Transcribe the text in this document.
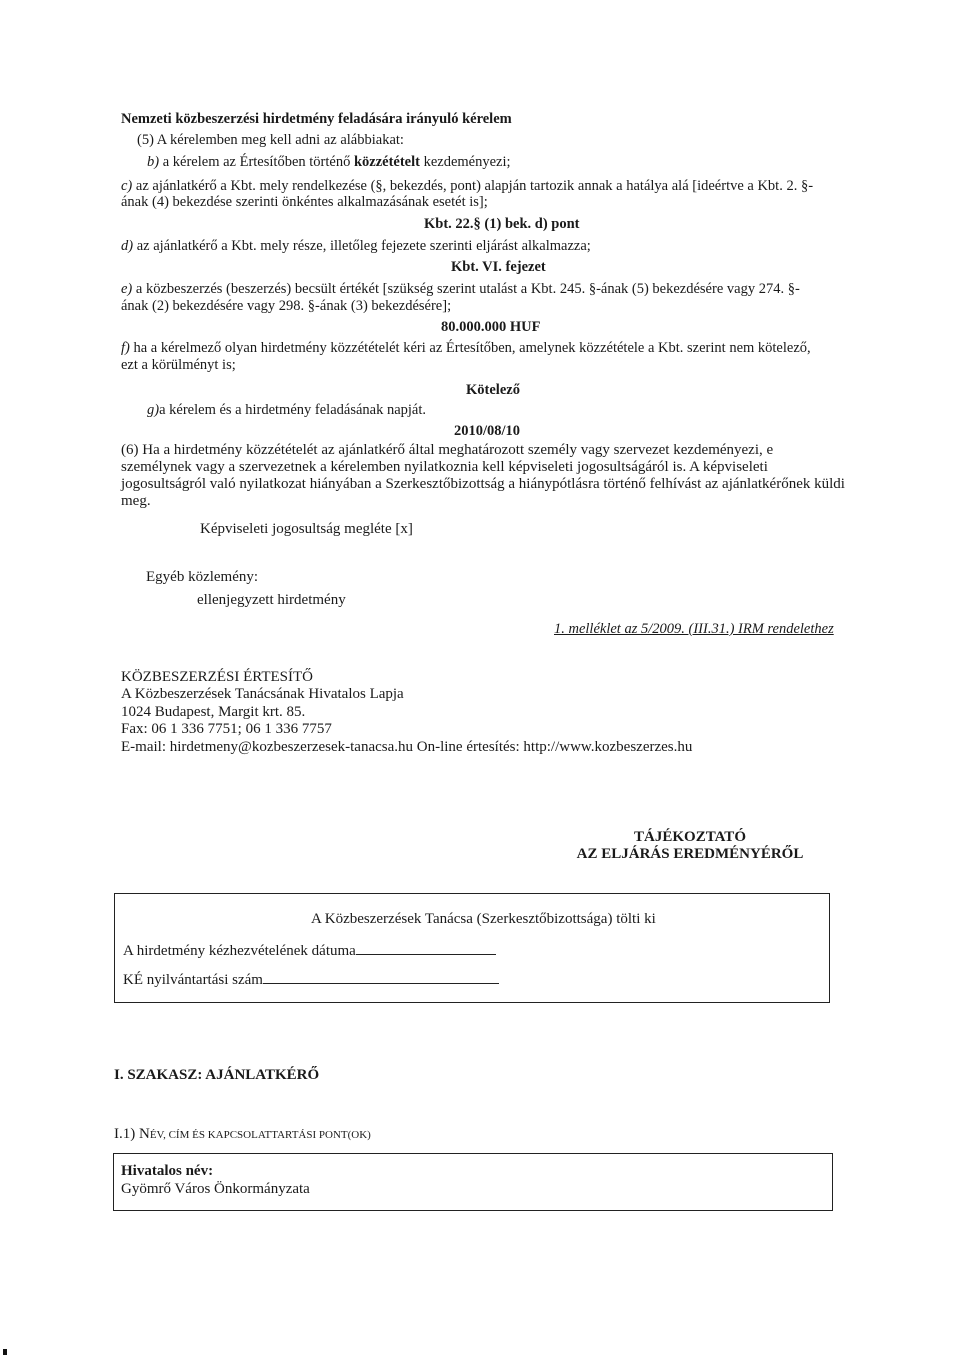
Nemzeti közbeszerzési hirdetmény feladására irányuló kérelem
(5) A kérelemben meg kell adni az alábbiakat:
b) a kérelem az Értesítőben történő közzétételt kezdeményezi;
c) az ajánlatkérő a Kbt. mely rendelkezése (§, bekezdés, pont) alapján tartozik annak a hatálya alá [ideértve a Kbt. 2. §-
ának (4) bekezdése szerinti önkéntes alkalmazásának esetét is];
Kbt. 22.§ (1) bek. d) pont
d) az ajánlatkérő a Kbt. mely része, illetőleg fejezete szerinti eljárást alkalmazza;
Kbt. VI. fejezet
e) a közbeszerzés (beszerzés) becsült értékét [szükség szerint utalást a Kbt. 245. §-ának (5) bekezdésére vagy 274. §-
ának (2) bekezdésére vagy 298. §-ának (3) bekezdésére];
80.000.000 HUF
f) ha a kérelmező olyan hirdetmény közzétételét kéri az Értesítőben, amelynek közzététele a Kbt. szerint nem kötelező,
ezt a körülményt is;
Kötelező
g)a kérelem és a hirdetmény feladásának napját.
2010/08/10
(6) Ha a hirdetmény közzétételét az ajánlatkérő által meghatározott személy vagy szervezet kezdeményezi, e
személynek vagy a szervezetnek a kérelemben nyilatkoznia kell képviseleti jogosultságáról is. A képviseleti
jogosultságról való nyilatkozat hiányában a Szerkesztőbizottság a hiánypótlásra történő felhívást az ajánlatkérőnek küldi
meg.
Képviseleti jogosultság megléte [x]
Egyéb közlemény:
ellenjegyzett hirdetmény
1. melléklet az 5/2009. (III.31.) IRM rendelethez
KÖZBESZERZÉSI ÉRTESÍTŐ
A Közbeszerzések Tanácsának Hivatalos Lapja
1024 Budapest, Margit krt. 85.
Fax: 06 1 336 7751; 06 1 336 7757
E-mail: hirdetmeny@kozbeszerzesek-tanacsa.hu On-line értesítés: http://www.kozbeszerzes.hu
TÁJÉKOZTATÓ
AZ ELJÁRÁS EREDMÉNYÉRŐL
A Közbeszerzések Tanácsa (Szerkesztőbizottsága) tölti ki
A hirdetmény kézhezvételének dátuma
KÉ nyilvántartási szám
I. SZAKASZ: AJÁNLATKÉRŐ
I.1) NÉV, CÍM ÉS KAPCSOLATTARTÁSI PONT(OK)
Hivatalos név:
Gyömrő Város Önkormányzata
